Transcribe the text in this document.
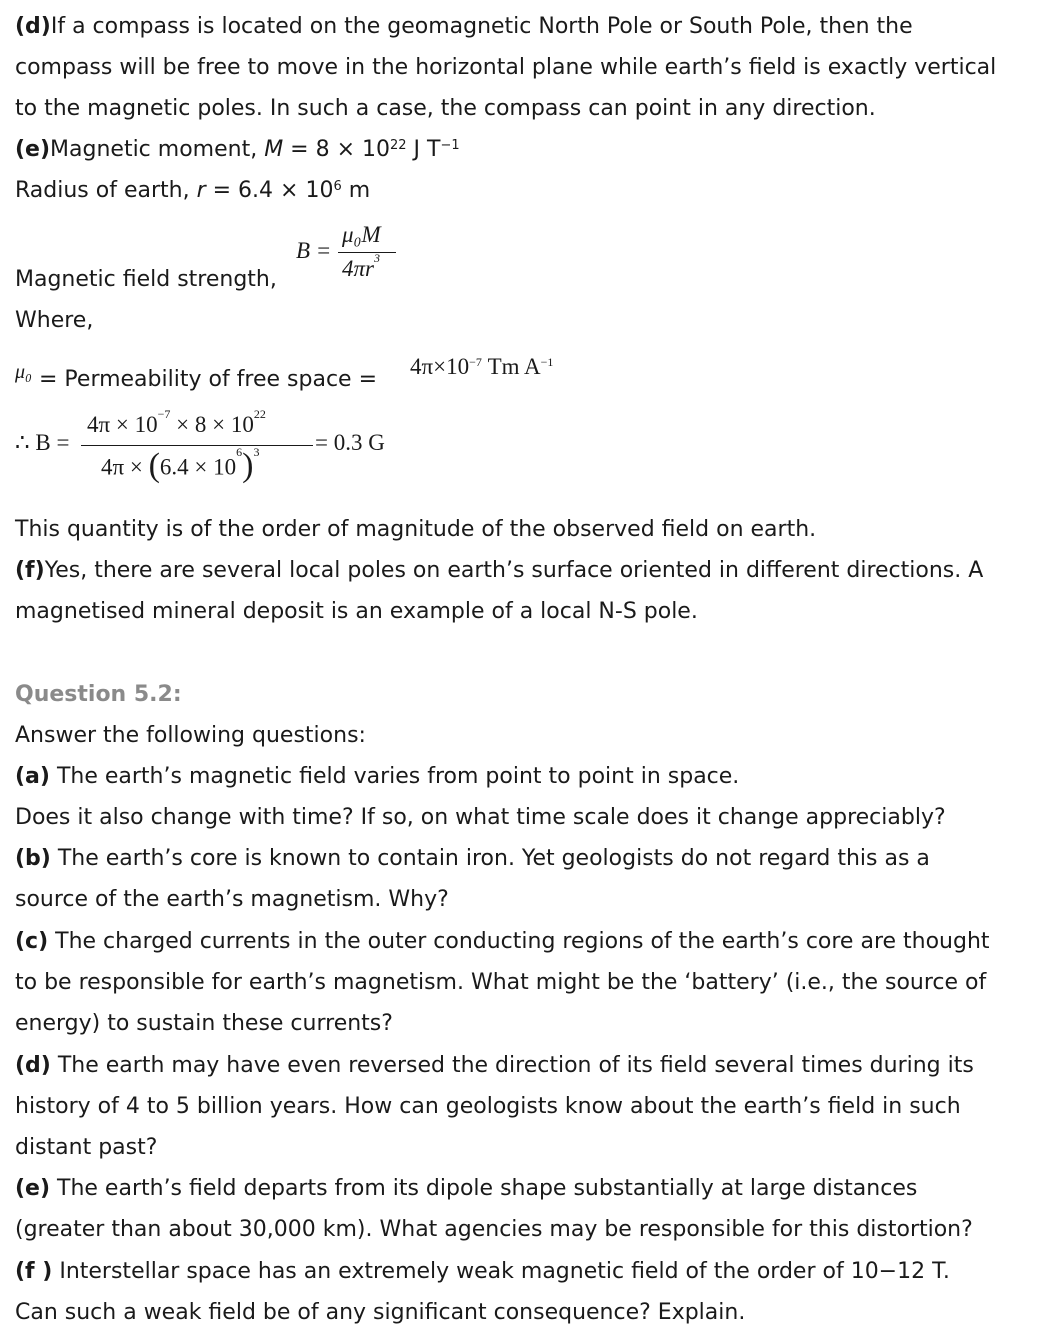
(d)If a compass is located on the geomagnetic North Pole or South Pole, then the
compass will be free to move in the horizontal plane while earth’s field is exactly vertical
to the magnetic poles. In such a case, the compass can point in any direction.
(e)Magnetic moment, $M = 8 \times 10^{22}$ J $T^{-1}$
Radius of earth, $r = 6.4 \times 10^6$ m
B =
μ₀M
$4\pi r^3$
Magnetic field strength,
Where,
μ₀ = Permeability of free space =
$4\pi\times 10^{-7}$ Tm $A^{-1}$
∴ B =
$4\pi \times 10^{-7} \times 8 \times 10^{22}$
$4\pi \times (6.4 \times 10^6)^3 = 0.3$ G
This quantity is of the order of magnitude of the observed field on earth.
(f)Yes, there are several local poles on earth’s surface oriented in different directions. A
magnetised mineral deposit is an example of a local N-S pole.
Question 5.2:
Answer the following questions:
(a) The earth’s magnetic field varies from point to point in space.
Does it also change with time? If so, on what time scale does it change appreciably?
(b) The earth’s core is known to contain iron. Yet geologists do not regard this as a
source of the earth’s magnetism. Why?
(c) The charged currents in the outer conducting regions of the earth’s core are thought
to be responsible for earth’s magnetism. What might be the ‘battery’ (i.e., the source of
energy) to sustain these currents?
(d) The earth may have even reversed the direction of its field several times during its
history of 4 to 5 billion years. How can geologists know about the earth’s field in such
distant past?
(e) The earth’s field departs from its dipole shape substantially at large distances
(greater than about 30,000 km). What agencies may be responsible for this distortion?
(f ) Interstellar space has an extremely weak magnetic field of the order of 10−12 T.
Can such a weak field be of any significant consequence? Explain.
